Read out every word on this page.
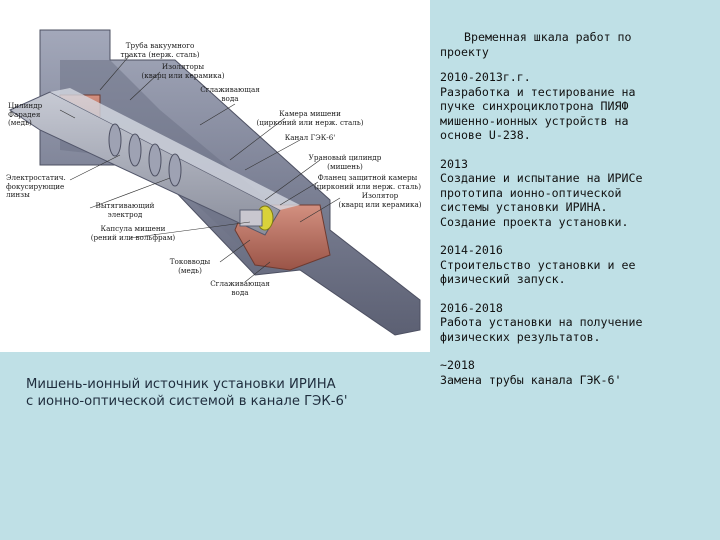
Труба вакуумного
тракта (нерж. сталь)
Изоляторы
(кварц или керамика)
Цилиндр
Фарадея
(медь)
Сглаживающая
вода
Камера мишени
(цирконий или нерж. сталь)
Канал ГЭК-6'
Урановый цилиндр
(мишень)
Электростатич.
фокусирующие
линзы
Фланец защитной камеры
(цирконий или нерж. сталь)
Изолятор
(кварц или керамика)
Вытягивающий
электрод
Капсула мишени
(рений или вольфрам)
Токовводы
(медь)
Сглаживающая
вода
Мишень-ионный источник установки ИРИНА
с ионно-оптической системой в канале ГЭК-6'
Временная шкала работ по
проекту
2010-2013г.г.
Разработка и тестирование на
пучке синхроциклотрона ПИЯФ
мишенно-ионных устройств на
основе U-238.
2013
Создание и испытание на ИРИСе
прототипа ионно-оптической
системы установки ИРИНА.
Создание проекта установки.
2014-2016
Строительство установки и ее
физический запуск.
2016-2018
Работа установки на получение
физических результатов.
~2018
Замена трубы канала ГЭК-6'
